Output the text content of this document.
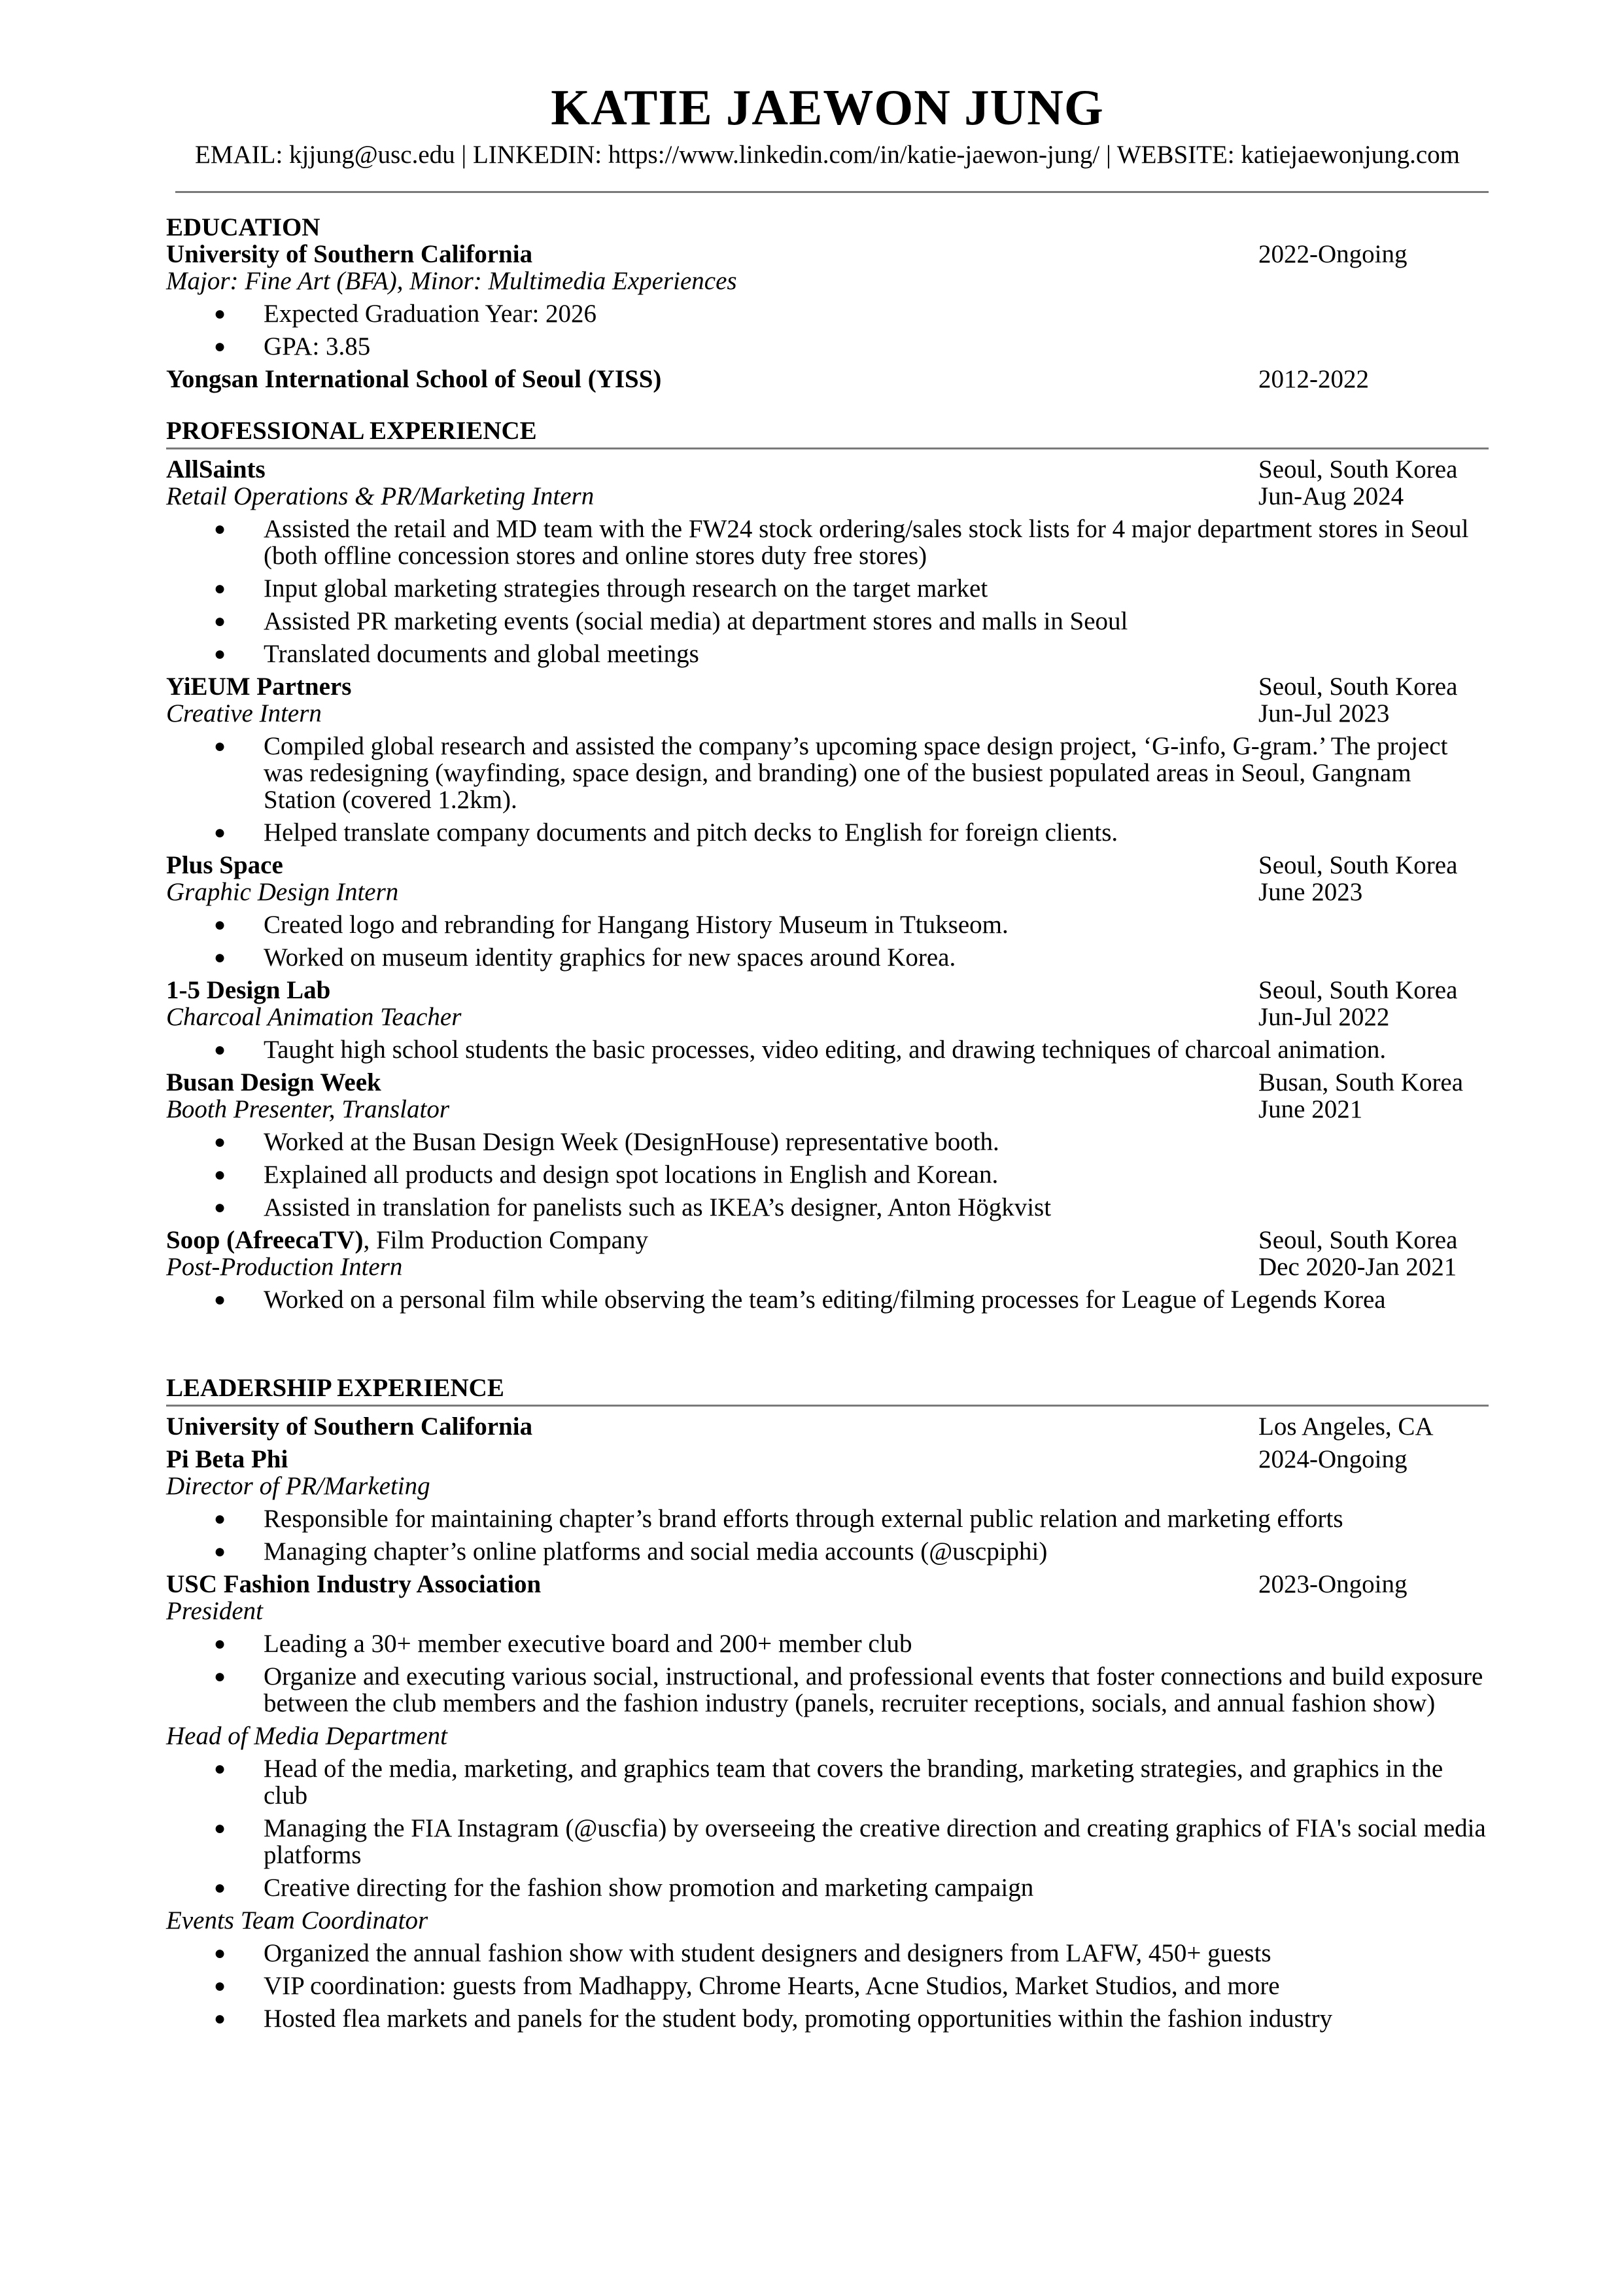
KATIE JAEWON JUNG
EMAIL: kjjung@usc.edu | LINKEDIN: https://www.linkedin.com/in/katie-jaewon-jung/ | WEBSITE: katiejaewonjung.com
EDUCATION
University of Southern California	2022-Ongoing
Major: Fine Art (BFA), Minor: Multimedia Experiences
● Expected Graduation Year: 2026
● GPA: 3.85
Yongsan International School of Seoul (YISS)	2012-2022
PROFESSIONAL EXPERIENCE
AllSaints	Seoul, South Korea
Retail Operations & PR/Marketing Intern	Jun-Aug 2024
● Assisted the retail and MD team with the FW24 stock ordering/sales stock lists for 4 major department stores in Seoul (both offline concession stores and online stores duty free stores)
● Input global marketing strategies through research on the target market
● Assisted PR marketing events (social media) at department stores and malls in Seoul
● Translated documents and global meetings
YiEUM Partners	Seoul, South Korea
Creative Intern	Jun-Jul 2023
● Compiled global research and assisted the company’s upcoming space design project, ‘G-info, G-gram.’ The project was redesigning (wayfinding, space design, and branding) one of the busiest populated areas in Seoul, Gangnam Station (covered 1.2km).
● Helped translate company documents and pitch decks to English for foreign clients.
Plus Space	Seoul, South Korea
Graphic Design Intern	June 2023
● Created logo and rebranding for Hangang History Museum in Ttukseom.
● Worked on museum identity graphics for new spaces around Korea.
1-5 Design Lab	Seoul, South Korea
Charcoal Animation Teacher	Jun-Jul 2022
● Taught high school students the basic processes, video editing, and drawing techniques of charcoal animation.
Busan Design Week	Busan, South Korea
Booth Presenter, Translator	June 2021
● Worked at the Busan Design Week (DesignHouse) representative booth.
● Explained all products and design spot locations in English and Korean.
● Assisted in translation for panelists such as IKEA’s designer, Anton Högkvist
Soop (AfreecaTV), Film Production Company	Seoul, South Korea
Post-Production Intern	Dec 2020-Jan 2021
● Worked on a personal film while observing the team’s editing/filming processes for League of Legends Korea
LEADERSHIP EXPERIENCE
University of Southern California	Los Angeles, CA
Pi Beta Phi	2024-Ongoing
Director of PR/Marketing
● Responsible for maintaining chapter’s brand efforts through external public relation and marketing efforts
● Managing chapter’s online platforms and social media accounts (@uscpiphi)
USC Fashion Industry Association	2023-Ongoing
President
● Leading a 30+ member executive board and 200+ member club
● Organize and executing various social, instructional, and professional events that foster connections and build exposure between the club members and the fashion industry (panels, recruiter receptions, socials, and annual fashion show)
Head of Media Department
● Head of the media, marketing, and graphics team that covers the branding, marketing strategies, and graphics in the club
● Managing the FIA Instagram (@uscfia) by overseeing the creative direction and creating graphics of FIA's social media platforms
● Creative directing for the fashion show promotion and marketing campaign
Events Team Coordinator
● Organized the annual fashion show with student designers and designers from LAFW, 450+ guests
● VIP coordination: guests from Madhappy, Chrome Hearts, Acne Studios, Market Studios, and more
● Hosted flea markets and panels for the student body, promoting opportunities within the fashion industry
